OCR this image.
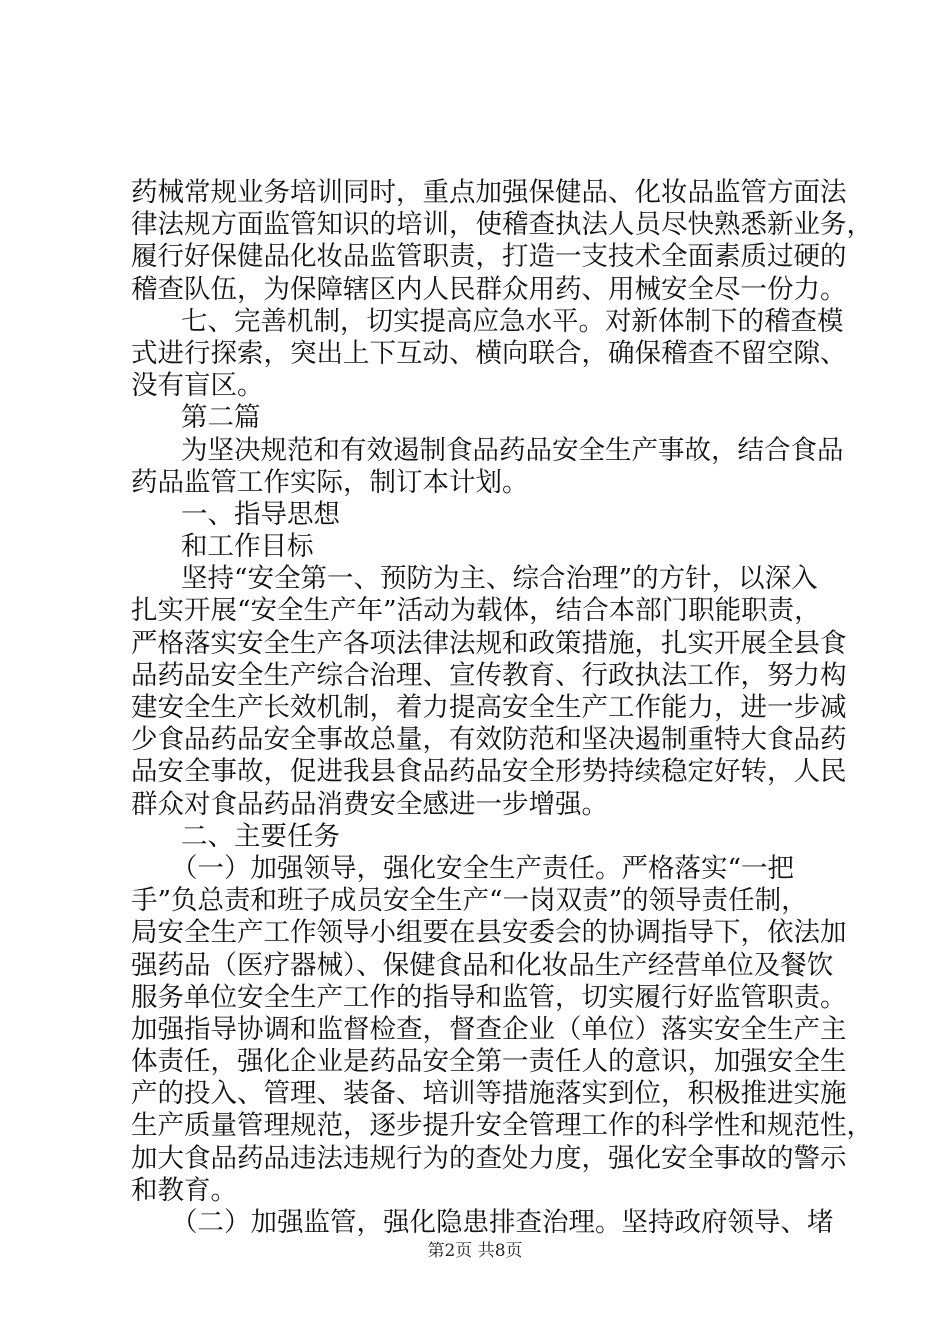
药械常规业务培训同时，重点加强保健品、化妆品监管方面法
律法规方面监管知识的培训，使稽查执法人员尽快熟悉新业务，
履行好保健品化妆品监管职责，打造一支技术全面素质过硬的
稽查队伍，为保障辖区内人民群众用药、用械安全尽一份力。
七、完善机制，切实提高应急水平。对新体制下的稽查模
式进行探索，突出上下互动、横向联合，确保稽查不留空隙、
没有盲区。
第二篇
为坚决规范和有效遏制食品药品安全生产事故，结合食品
药品监管工作实际，制订本计划。
一、指导思想
和工作目标
坚持“安全第一、预防为主、综合治理”的方针，以深入
扎实开展“安全生产年”活动为载体，结合本部门职能职责，
严格落实安全生产各项法律法规和政策措施，扎实开展全县食
品药品安全生产综合治理、宣传教育、行政执法工作，努力构
建安全生产长效机制，着力提高安全生产工作能力，进一步减
少食品药品安全事故总量，有效防范和坚决遏制重特大食品药
品安全事故，促进我县食品药品安全形势持续稳定好转，人民
群众对食品药品消费安全感进一步增强。
二、主要任务
（一）加强领导，强化安全生产责任。严格落实“一把
手”负总责和班子成员安全生产“一岗双责”的领导责任制，
局安全生产工作领导小组要在县安委会的协调指导下，依法加
强药品（医疗器械）、保健食品和化妆品生产经营单位及餐饮
服务单位安全生产工作的指导和监管，切实履行好监管职责。
加强指导协调和监督检查，督查企业（单位）落实安全生产主
体责任，强化企业是药品安全第一责任人的意识，加强安全生
产的投入、管理、装备、培训等措施落实到位，积极推进实施
生产质量管理规范，逐步提升安全管理工作的科学性和规范性，
加大食品药品违法违规行为的查处力度，强化安全事故的警示
和教育。
（二）加强监管，强化隐患排查治理。坚持政府领导、堵
第2页 共8页
